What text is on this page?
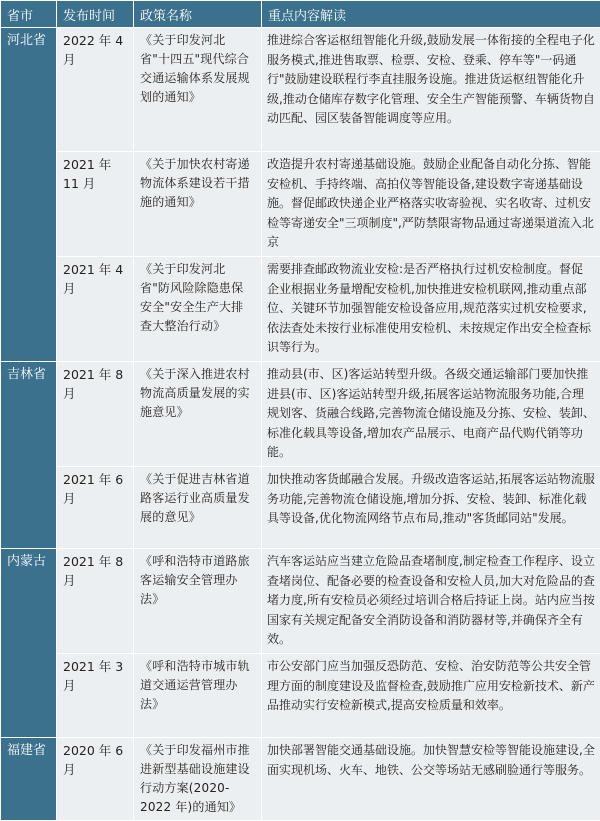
省市	发布时间	政策名称	重点内容解读
河北省	2022 年 4 月	《关于印发河北省"十四五"现代综合交通运输体系发展规划的通知》	推进综合客运枢纽智能化升级,鼓励发展一体衔接的全程电子化服务模式,推进售取票、检票、安检、登乘、停车等"一码通行"鼓励建设联程行李直挂服务设施。推进货运枢纽智能化升级,推动仓储库存数字化管理、安全生产智能预警、车辆货物自动匹配、园区装备智能调度等应用。
	2021 年 11 月	《关于加快农村寄递物流体系建设若干措施的通知》	改造提升农村寄递基础设施。鼓励企业配备自动化分拣、智能安检机、手持终端、高拍仪等智能设备,建设数字寄递基础设施。督促邮政快递企业严格落实收寄验视、实名收寄、过机安检等寄递安全"三项制度",严防禁限寄物品通过寄递渠道流入北京
	2021 年 4 月	《关于印发河北省"防风险除隐患保安全"安全生产大排查大整治行动》	需要排查邮政物流业安检:是否严格执行过机安检制度。督促企业根据业务量增配安检机,加快推进安检机联网,推动重点部位、关键环节加强智能安检设备应用,规范落实过机安检要求,依法查处未按行业标准使用安检机、未按规定作出安全检查标识等行为。
吉林省	2021 年 8 月	《关于深入推进农村物流高质量发展的实施意见》	推动县(市、区)客运站转型升级。各级交通运输部门要加快推进县(市、区)客运站转型升级,拓展客运站物流服务功能,合理规划客、货融合线路,完善物流仓储设施及分拣、安检、装卸、标准化载具等设备,增加农产品展示、电商产品代购代销等功能。
	2021 年 6 月	《关于促进吉林省道路客运行业高质量发展的意见》	加快推动客货邮融合发展。升级改造客运站,拓展客运站物流服务功能,完善物流仓储设施,增加分拆、安检、装卸、标准化载具等设备,优化物流网络节点布局,推动"客货邮同站"发展。
内蒙古	2021 年 8 月	《呼和浩特市道路旅客运输安全管理办法》	汽车客运站应当建立危险品查堵制度,制定检查工作程序、设立查堵岗位、配备必要的检查设备和安检人员,加大对危险品的查堵力度,所有安检员必须经过培训合格后持证上岗。站内应当按国家有关规定配备安全消防设备和消防器材等,并确保齐全有效。
	2021 年 3 月	《呼和浩特市城市轨道交通运营管理办法》	市公安部门应当加强反恐防范、安检、治安防范等公共安全管理方面的制度建设及监督检查,鼓励推广应用安检新技术、新产品推动实行安检新模式,提高安检质量和效率。
福建省	2020 年 6 月	《关于印发福州市推进新型基础设施建设行动方案(2020-2022 年)的通知》	加快部署智能交通基础设施。加快智慧安检等智能设施建设,全面实现机场、火车、地铁、公交等场站无感刷脸通行等服务。
